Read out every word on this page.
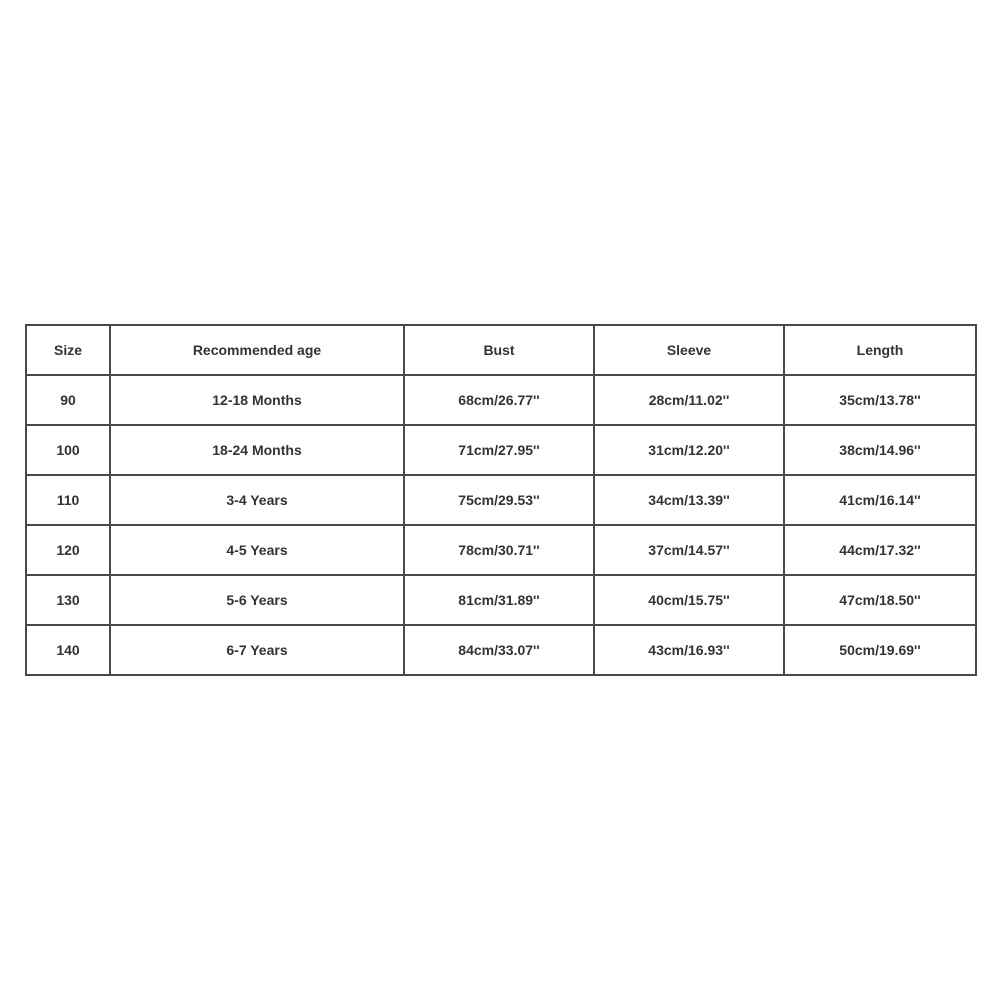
Size	Recommended age	Bust	Sleeve	Length
90	12-18 Months	68cm/26.77''	28cm/11.02''	35cm/13.78''
100	18-24 Months	71cm/27.95''	31cm/12.20''	38cm/14.96''
110	3-4 Years	75cm/29.53''	34cm/13.39''	41cm/16.14''
120	4-5 Years	78cm/30.71''	37cm/14.57''	44cm/17.32''
130	5-6 Years	81cm/31.89''	40cm/15.75''	47cm/18.50''
140	6-7 Years	84cm/33.07''	43cm/16.93''	50cm/19.69''
